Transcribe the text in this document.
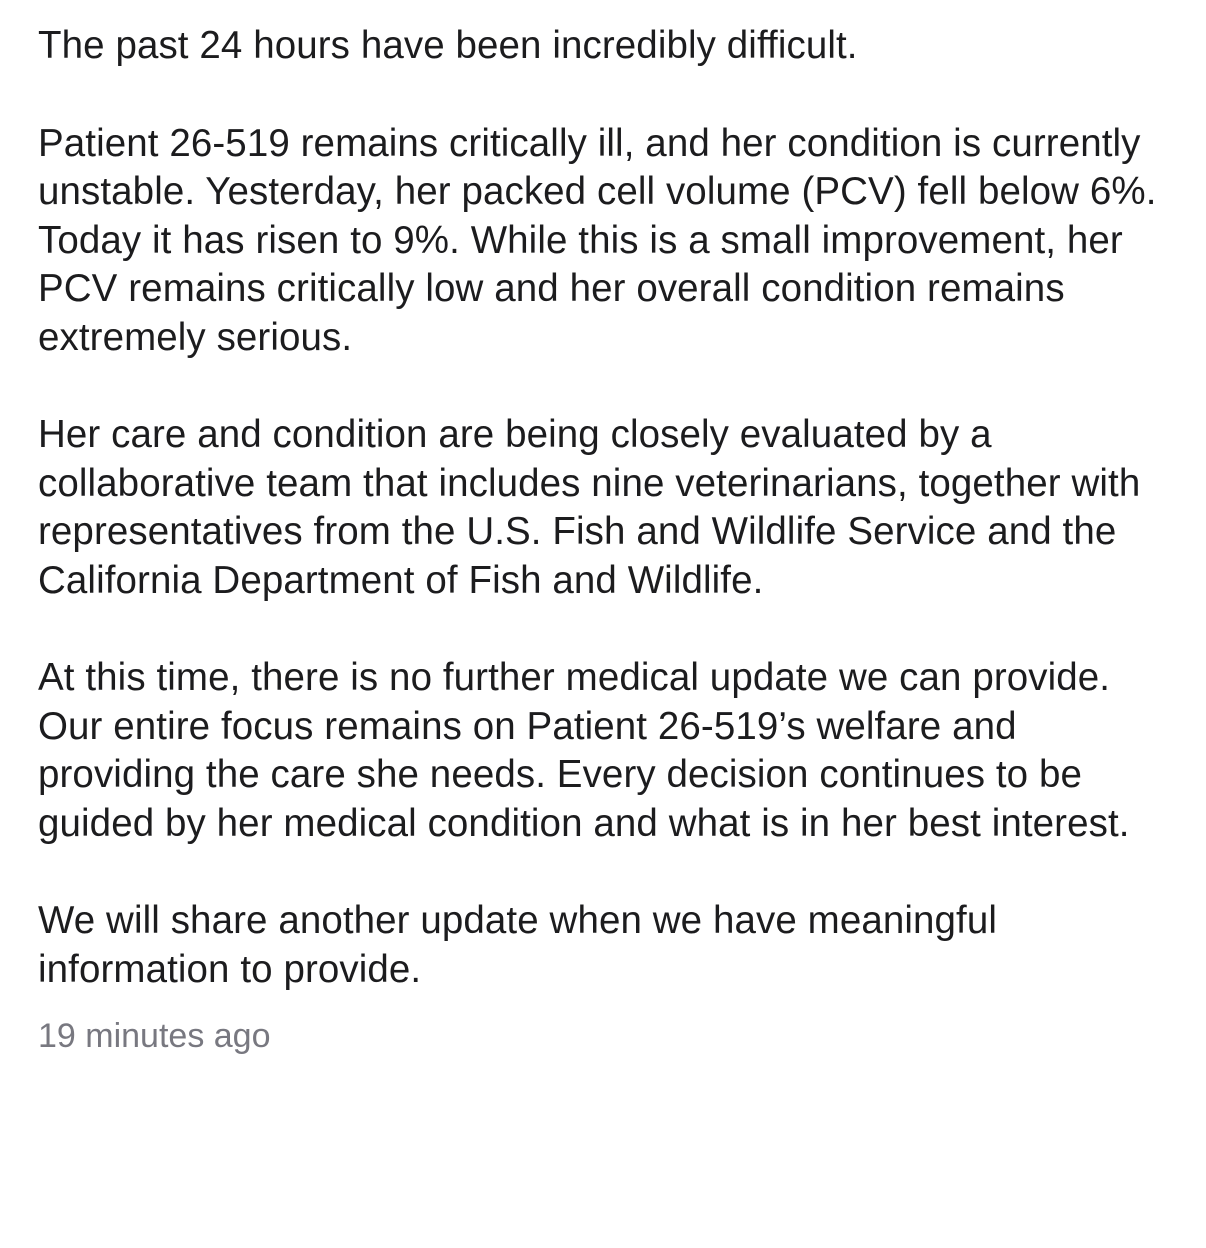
The past 24 hours have been incredibly difficult.

Patient 26-519 remains critically ill, and her condition is currently unstable. Yesterday, her packed cell volume (PCV) fell below 6%. Today it has risen to 9%. While this is a small improvement, her PCV remains critically low and her overall condition remains extremely serious.

Her care and condition are being closely evaluated by a collaborative team that includes nine veterinarians, together with representatives from the U.S. Fish and Wildlife Service and the California Department of Fish and Wildlife.

At this time, there is no further medical update we can provide. Our entire focus remains on Patient 26-519’s welfare and providing the care she needs. Every decision continues to be guided by her medical condition and what is in her best interest.

We will share another update when we have meaningful information to provide.

19 minutes ago
